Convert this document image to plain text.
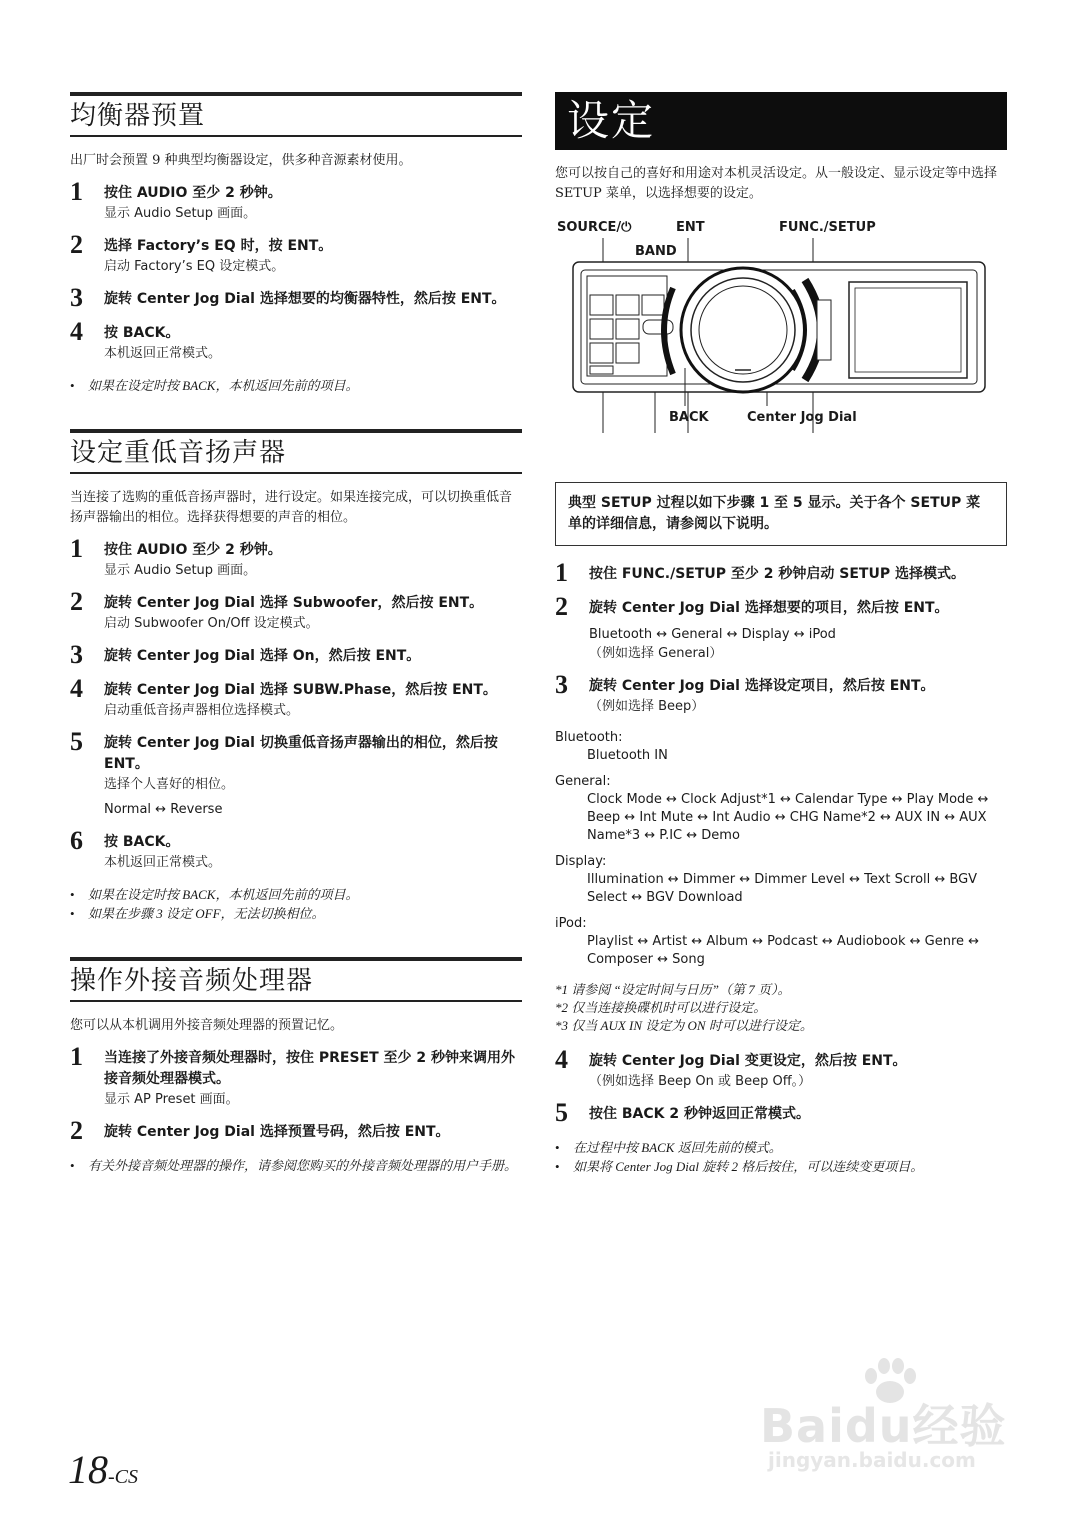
均衡器预置

出厂时会预置 9 种典型均衡器设定，供多种音源素材使用。

1 按住 AUDIO 至少 2 秒钟。
显示 Audio Setup 画面。
2 选择 Factory’s EQ 时，按 ENT。
启动 Factory’s EQ 设定模式。
3 旋转 Center Jog Dial 选择想要的均衡器特性，然后按 ENT。
4 按 BACK。
本机返回正常模式。
• 如果在设定时按 BACK，本机返回先前的项目。
设定重低音扬声器

当连接了选购的重低音扬声器时，进行设定。如果连接完成，可以切换重低音扬声器输出的相位。选择获得想要的声音的相位。

1 按住 AUDIO 至少 2 秒钟。
显示 Audio Setup 画面。
2 旋转 Center Jog Dial 选择 Subwoofer，然后按 ENT。
启动 Subwoofer On/Off 设定模式。
3 旋转 Center Jog Dial 选择 On，然后按 ENT。
4 旋转 Center Jog Dial 选择 SUBW.Phase，然后按 ENT。
启动重低音扬声器相位选择模式。
5 旋转 Center Jog Dial 切换重低音扬声器输出的相位，然后按 ENT。
选择个人喜好的相位。
Normal ↔ Reverse
6 按 BACK。
本机返回正常模式。
• 如果在设定时按 BACK，本机返回先前的项目。
• 如果在步骤 3 设定 OFF，无法切换相位。
操作外接音频处理器

您可以从本机调用外接音频处理器的预置记忆。

1 当连接了外接音频处理器时，按住 PRESET 至少 2 秒钟来调用外接音频处理器模式。
显示 AP Preset 画面。
2 旋转 Center Jog Dial 选择预置号码，然后按 ENT。
• 有关外接音频处理器的操作，请参阅您购买的外接音频处理器的用户手册。
设定

您可以按自己的喜好和用途对本机灵活设定。从一般设定、显示设定等中选择 SETUP 菜单，以选择想要的设定。

SOURCE/⏻	ENT	FUNC./SETUP
BAND
BACK	Center Jog Dial
典型 SETUP 过程以如下步骤 1 至 5 显示。关于各个 SETUP 菜单的详细信息，请参阅以下说明。
1 按住 FUNC./SETUP 至少 2 秒钟启动 SETUP 选择模式。
2 旋转 Center Jog Dial 选择想要的项目，然后按 ENT。
Bluetooth ↔ General ↔ Display ↔ iPod
（例如选择 General）
3 旋转 Center Jog Dial 选择设定项目，然后按 ENT。
（例如选择 Beep）
Bluetooth:
Bluetooth IN
General:
Clock Mode ↔ Clock Adjust*1 ↔ Calendar Type ↔ Play Mode ↔ Beep ↔ Int Mute ↔ Int Audio ↔ CHG Name*2 ↔ AUX IN ↔ AUX Name*3 ↔ P.IC ↔ Demo
Display:
Illumination ↔ Dimmer ↔ Dimmer Level ↔ Text Scroll ↔ BGV Select ↔ BGV Download
iPod:
Playlist ↔ Artist ↔ Album ↔ Podcast ↔ Audiobook ↔ Genre ↔ Composer ↔ Song
*1 请参阅 “设定时间与日历”（第 7 页）。
*2 仅当连接换碟机时可以进行设定。
*3 仅当 AUX IN 设定为 ON 时可以进行设定。
4 旋转 Center Jog Dial 变更设定，然后按 ENT。
（例如选择 Beep On 或 Beep Off。）
5 按住 BACK 2 秒钟返回正常模式。
• 在过程中按 BACK 返回先前的模式。
• 如果将 Center Jog Dial 旋转 2 格后按住，可以连续变更项目。
18-CS
Baidu经验
jingyan.baidu.com
